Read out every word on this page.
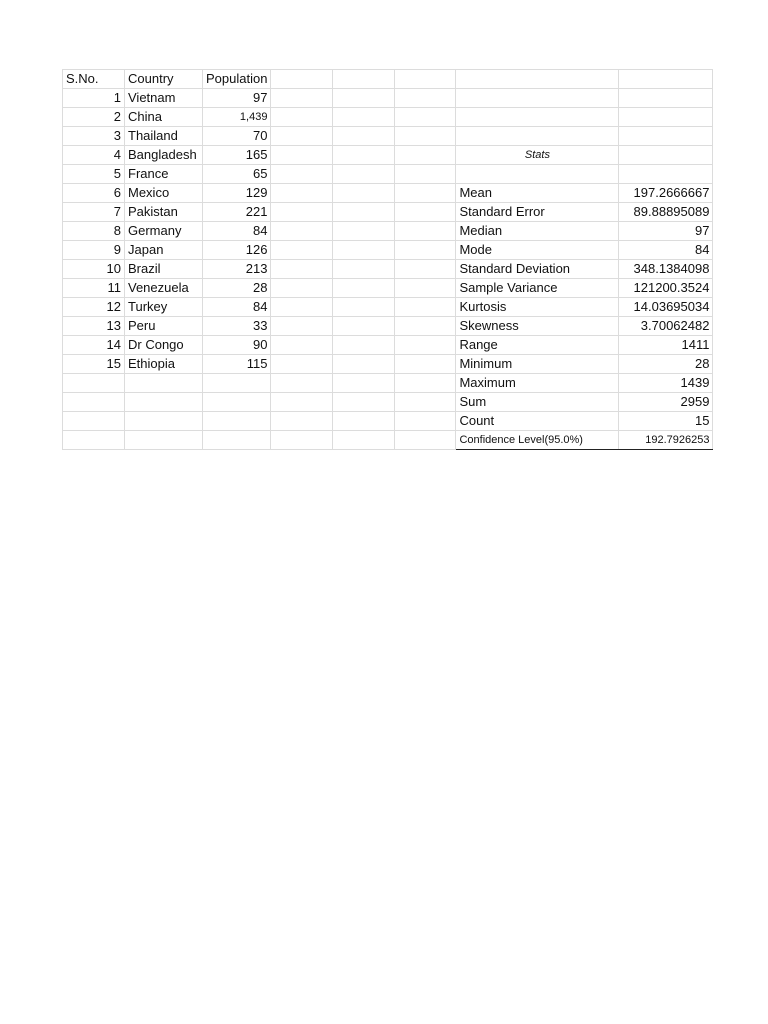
S.No.	Country	Population					
1	Vietnam	97					
2	China	1,439					
3	Thailand	70					
4	Bangladesh	165				Stats	
5	France	65					
6	Mexico	129				Mean	197.2666667
7	Pakistan	221				Standard Error	89.88895089
8	Germany	84				Median	97
9	Japan	126				Mode	84
10	Brazil	213				Standard Deviation	348.1384098
11	Venezuela	28				Sample Variance	121200.3524
12	Turkey	84				Kurtosis	14.03695034
13	Peru	33				Skewness	3.70062482
14	Dr Congo	90				Range	1411
15	Ethiopia	115				Minimum	28
						Maximum	1439
						Sum	2959
						Count	15
						Confidence Level(95.0%)	192.7926253
